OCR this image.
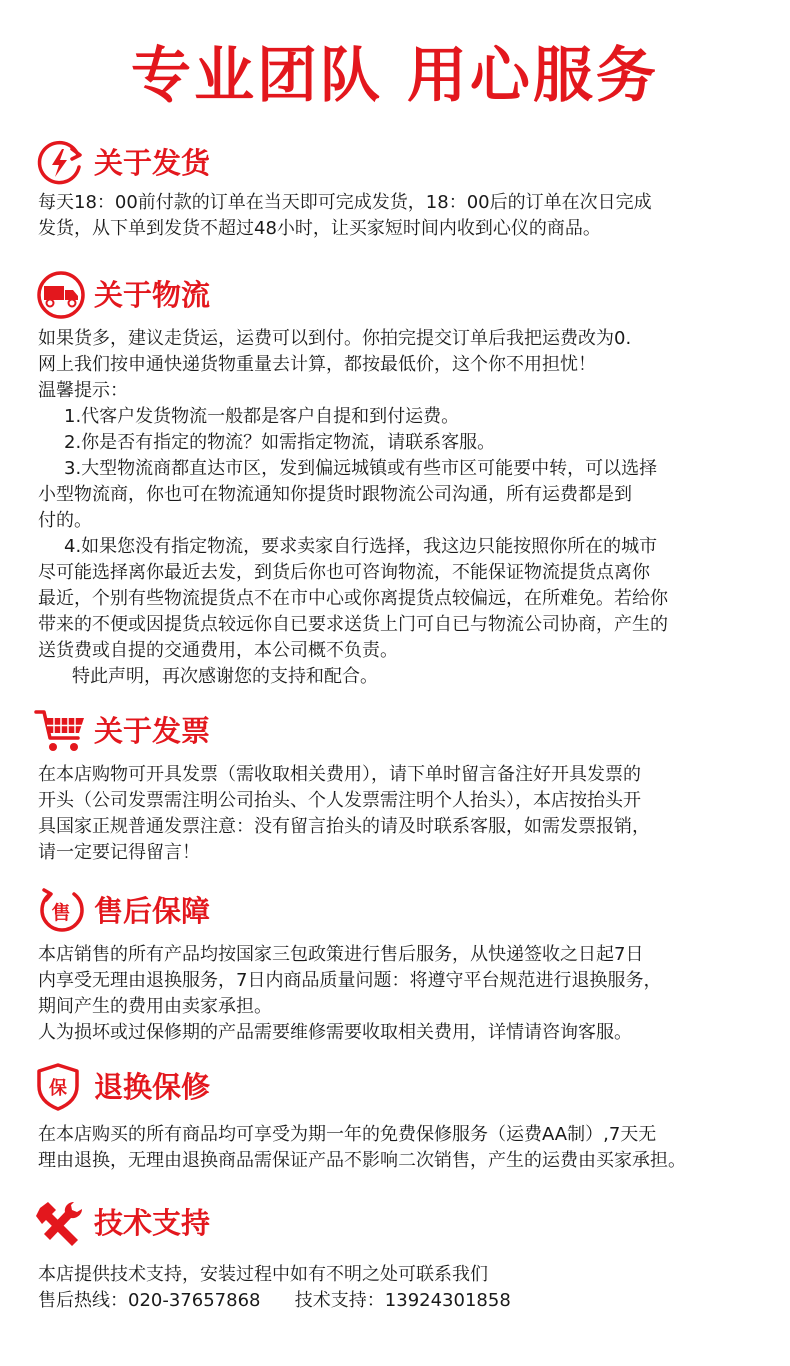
专业团队 用心服务
关于发货

每天18：00前付款的订单在当天即可完成发货，18：00后的订单在次日完成

发货，从下单到发货不超过48小时，让买家短时间内收到心仪的商品。

关于物流

如果货多，建议走货运，运费可以到付。你拍完提交订单后我把运费改为0.

网上我们按申通快递货物重量去计算，都按最低价，这个你不用担忧！

温馨提示：

1.代客户发货物流一般都是客户自提和到付运费。

2.你是否有指定的物流？如需指定物流，请联系客服。

3.大型物流商都直达市区，发到偏远城镇或有些市区可能要中转，可以选择

小型物流商，你也可在物流通知你提货时跟物流公司沟通，所有运费都是到

付的。

4.如果您没有指定物流，要求卖家自行选择，我这边只能按照你所在的城市

尽可能选择离你最近去发，到货后你也可咨询物流，不能保证物流提货点离你

最近，个别有些物流提货点不在市中心或你离提货点较偏远，在所难免。若给你

带来的不便或因提货点较远你自已要求送货上门可自已与物流公司协商，产生的

送货费或自提的交通费用，本公司概不负责。

特此声明，再次感谢您的支持和配合。

关于发票

在本店购物可开具发票（需收取相关费用），请下单时留言备注好开具发票的

开头（公司发票需注明公司抬头、个人发票需注明个人抬头），本店按抬头开

具国家正规普通发票注意：没有留言抬头的请及时联系客服，如需发票报销，

请一定要记得留言！

售 售后保障

本店销售的所有产品均按国家三包政策进行售后服务，从快递签收之日起7日

内享受无理由退换服务，7日内商品质量问题：将遵守平台规范进行退换服务，

期间产生的费用由卖家承担。

人为损坏或过保修期的产品需要维修需要收取相关费用，详情请咨询客服。

保 退换保修

在本店购买的所有商品均可享受为期一年的免费保修服务（运费AA制）,7天无

理由退换，无理由退换商品需保证产品不影响二次销售，产生的运费由买家承担。

技术支持

本店提供技术支持，安装过程中如有不明之处可联系我们

售后热线：020-37657868      技术支持：13924301858
